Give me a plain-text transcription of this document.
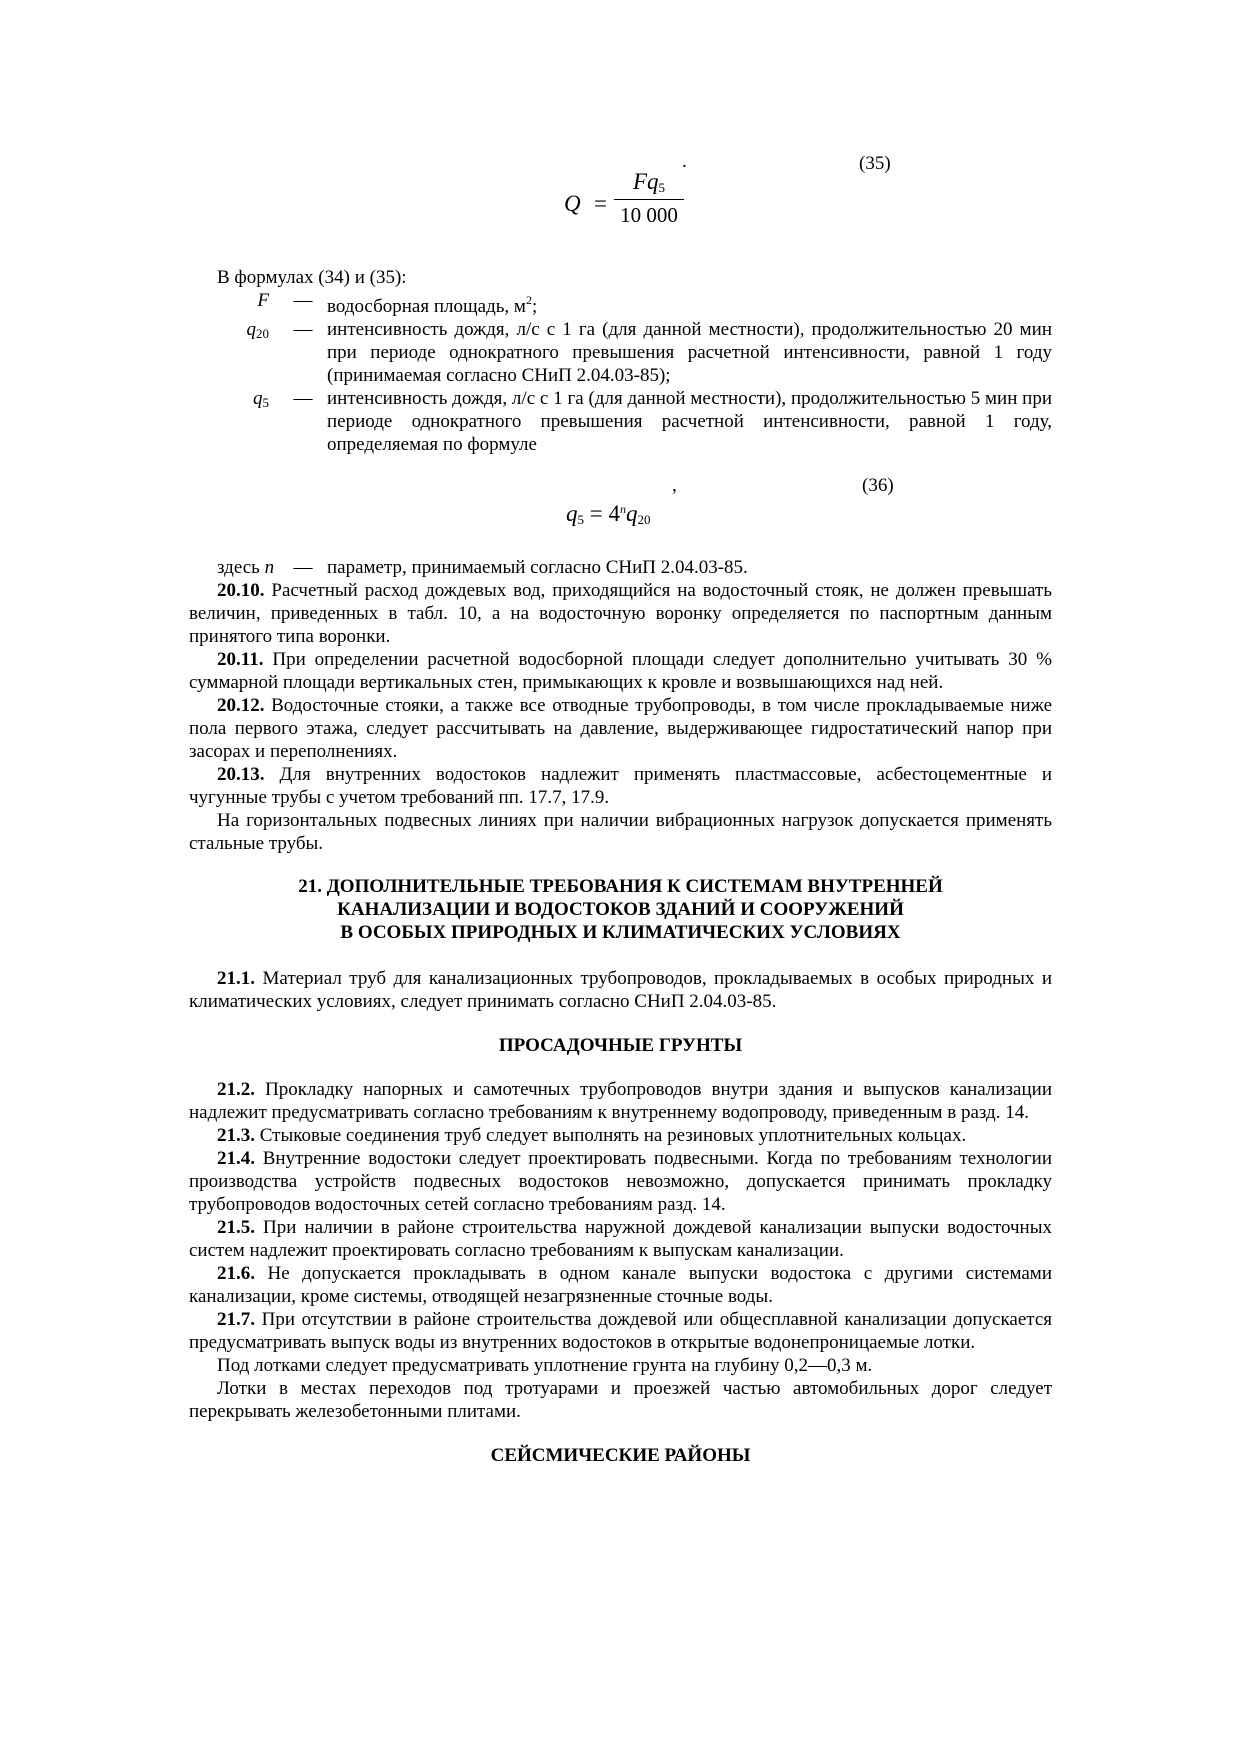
.	(35)
Q =
$Fq_5$
10 000

В формулах (34) и (35):

F	— водосборная площадь, $м^2$;
$q_{20}$	— интенсивность дождя, л/с с 1 га (для данной местности), продолжительностью 20 мин при периоде однократного превышения расчетной интенсивности, равной 1 году (принимаемая согласно СНиП 2.04.03-85);
$q_5$	— интенсивность дождя, л/с с 1 га (для данной местности), продолжительностью 5 мин при периоде однократного превышения расчетной интенсивности, равной 1 году, определяемая по формуле
,	(36)
$q_5 = 4^nq_{20}$
здесь n	— параметр, принимаемый согласно СНиП 2.04.03-85.

20.10. Расчетный расход дождевых вод, приходящийся на водосточный стояк, не должен превышать величин, приведенных в табл. 10, а на водосточную воронку определяется по паспортным данным принятого типа воронки.

20.11. При определении расчетной водосборной площади следует дополнительно учитывать 30 % суммарной площади вертикальных стен, примыкающих к кровле и возвышающихся над ней.

20.12. Водосточные стояки, а также все отводные трубопроводы, в том числе прокладываемые ниже пола первого этажа, следует рассчитывать на давление, выдерживающее гидростатический напор при засорах и переполнениях.

20.13. Для внутренних водостоков надлежит применять пластмассовые, асбестоцементные и чугунные трубы с учетом требований пп. 17.7, 17.9.

На горизонтальных подвесных линиях при наличии вибрационных нагрузок допускается применять стальные трубы.

21. ДОПОЛНИТЕЛЬНЫЕ ТРЕБОВАНИЯ К СИСТЕМАМ ВНУТРЕННЕЙ
КАНАЛИЗАЦИИ И ВОДОСТОКОВ ЗДАНИЙ И СООРУЖЕНИЙ
В ОСОБЫХ ПРИРОДНЫХ И КЛИМАТИЧЕСКИХ УСЛОВИЯХ

21.1. Материал труб для канализационных трубопроводов, прокладываемых в особых природных и климатических условиях, следует принимать согласно СНиП 2.04.03-85.

ПРОСАДОЧНЫЕ ГРУНТЫ

21.2. Прокладку напорных и самотечных трубопроводов внутри здания и выпусков канализации надлежит предусматривать согласно требованиям к внутреннему водопроводу, приведенным в разд. 14.

21.3. Стыковые соединения труб следует выполнять на резиновых уплотнительных кольцах.

21.4. Внутренние водостоки следует проектировать подвесными. Когда по требованиям технологии производства устройств подвесных водостоков невозможно, допускается принимать прокладку трубопроводов водосточных сетей согласно требованиям разд. 14.

21.5. При наличии в районе строительства наружной дождевой канализации выпуски водосточных систем надлежит проектировать согласно требованиям к выпускам канализации.

21.6. Не допускается прокладывать в одном канале выпуски водостока с другими системами канализации, кроме системы, отводящей незагрязненные сточные воды.

21.7. При отсутствии в районе строительства дождевой или общесплавной канализации допускается предусматривать выпуск воды из внутренних водостоков в открытые водонепроницаемые лотки.

Под лотками следует предусматривать уплотнение грунта на глубину 0,2—0,3 м.

Лотки в местах переходов под тротуарами и проезжей частью автомобильных дорог следует перекрывать железобетонными плитами.

СЕЙСМИЧЕСКИЕ РАЙОНЫ
